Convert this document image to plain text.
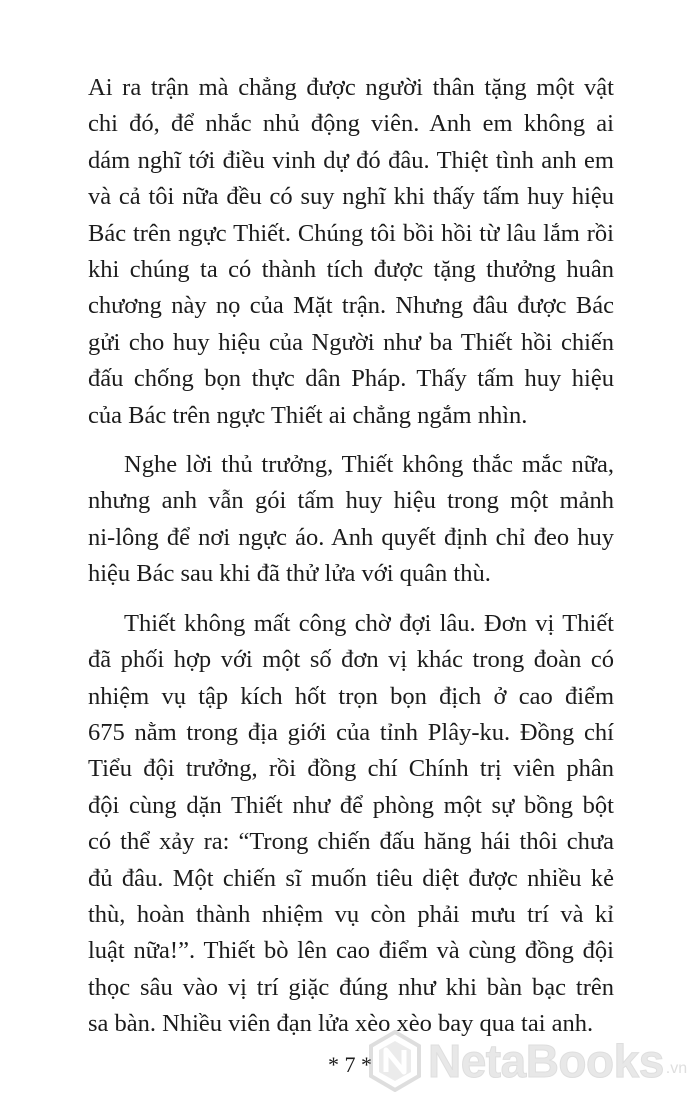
Ai ra trận mà chẳng được người thân tặng một vật
chi đó, để nhắc nhủ động viên. Anh em không ai
dám nghĩ tới điều vinh dự đó đâu. Thiệt tình anh em
và cả tôi nữa đều có suy nghĩ khi thấy tấm huy hiệu
Bác trên ngực Thiết. Chúng tôi bồi hồi từ lâu lắm rồi
khi chúng ta có thành tích được tặng thưởng huân
chương này nọ của Mặt trận. Nhưng đâu được Bác
gửi cho huy hiệu của Người như ba Thiết hồi chiến
đấu chống bọn thực dân Pháp. Thấy tấm huy hiệu
của Bác trên ngực Thiết ai chẳng ngắm nhìn.

Nghe lời thủ trưởng, Thiết không thắc mắc nữa,
nhưng anh vẫn gói tấm huy hiệu trong một mảnh
ni-lông để nơi ngực áo. Anh quyết định chỉ đeo huy
hiệu Bác sau khi đã thử lửa với quân thù.

Thiết không mất công chờ đợi lâu. Đơn vị Thiết
đã phối hợp với một số đơn vị khác trong đoàn có
nhiệm vụ tập kích hốt trọn bọn địch ở cao điểm
675 nằm trong địa giới của tỉnh Plây-ku. Đồng chí
Tiểu đội trưởng, rồi đồng chí Chính trị viên phân
đội cùng dặn Thiết như để phòng một sự bồng bột
có thể xảy ra: “Trong chiến đấu hăng hái thôi chưa
đủ đâu. Một chiến sĩ muốn tiêu diệt được nhiều kẻ
thù, hoàn thành nhiệm vụ còn phải mưu trí và kỉ
luật nữa!”. Thiết bò lên cao điểm và cùng đồng đội
thọc sâu vào vị trí giặc đúng như khi bàn bạc trên
sa bàn. Nhiều viên đạn lửa xèo xèo bay qua tai anh.

* 7 *	NetaBooks .vn
